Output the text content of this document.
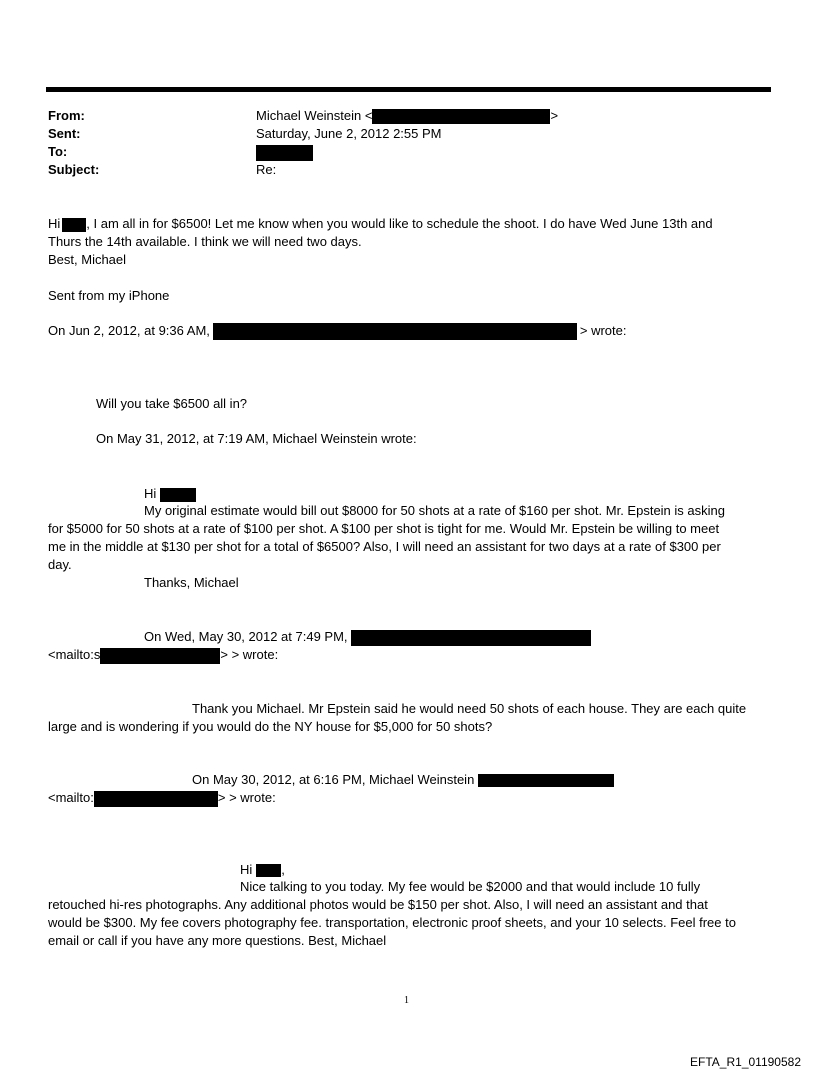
From:	Michael Weinstein <	>
Sent:	Saturday, June 2, 2012 2:55 PM
To:
Subject:	Re:
Hi , I am all in for $6500! Let me know when you would like to schedule the shoot. I do have Wed June 13th and
Thurs the 14th available. I think we will need two days.
Best, Michael
Sent from my iPhone
On Jun 2, 2012, at 9:36 AM,	> wrote:
Will you take $6500 all in?
On May 31, 2012, at 7:19 AM, Michael Weinstein wrote:
Hi
My original estimate would bill out $8000 for 50 shots at a rate of $160 per shot. Mr. Epstein is asking
for $5000 for 50 shots at a rate of $100 per shot. A $100 per shot is tight for me. Would Mr. Epstein be willing to meet
me in the middle at $130 per shot for a total of $6500? Also, I will need an assistant for two days at a rate of $300 per
day.
Thanks, Michael
On Wed, May 30, 2012 at 7:49 PM,
<mailto:s	> > wrote:
Thank you Michael. Mr Epstein said he would need 50 shots of each house. They are each quite
large and is wondering if you would do the NY house for $5,000 for 50 shots?
On May 30, 2012, at 6:16 PM, Michael Weinstein
<mailto:	> > wrote:
Hi ,
Nice talking to you today. My fee would be $2000 and that would include 10 fully
retouched hi-res photographs. Any additional photos would be $150 per shot. Also, I will need an assistant and that
would be $300. My fee covers photography fee. transportation, electronic proof sheets, and your 10 selects. Feel free to
email or call if you have any more questions. Best, Michael
1
EFTA_R1_01190582
